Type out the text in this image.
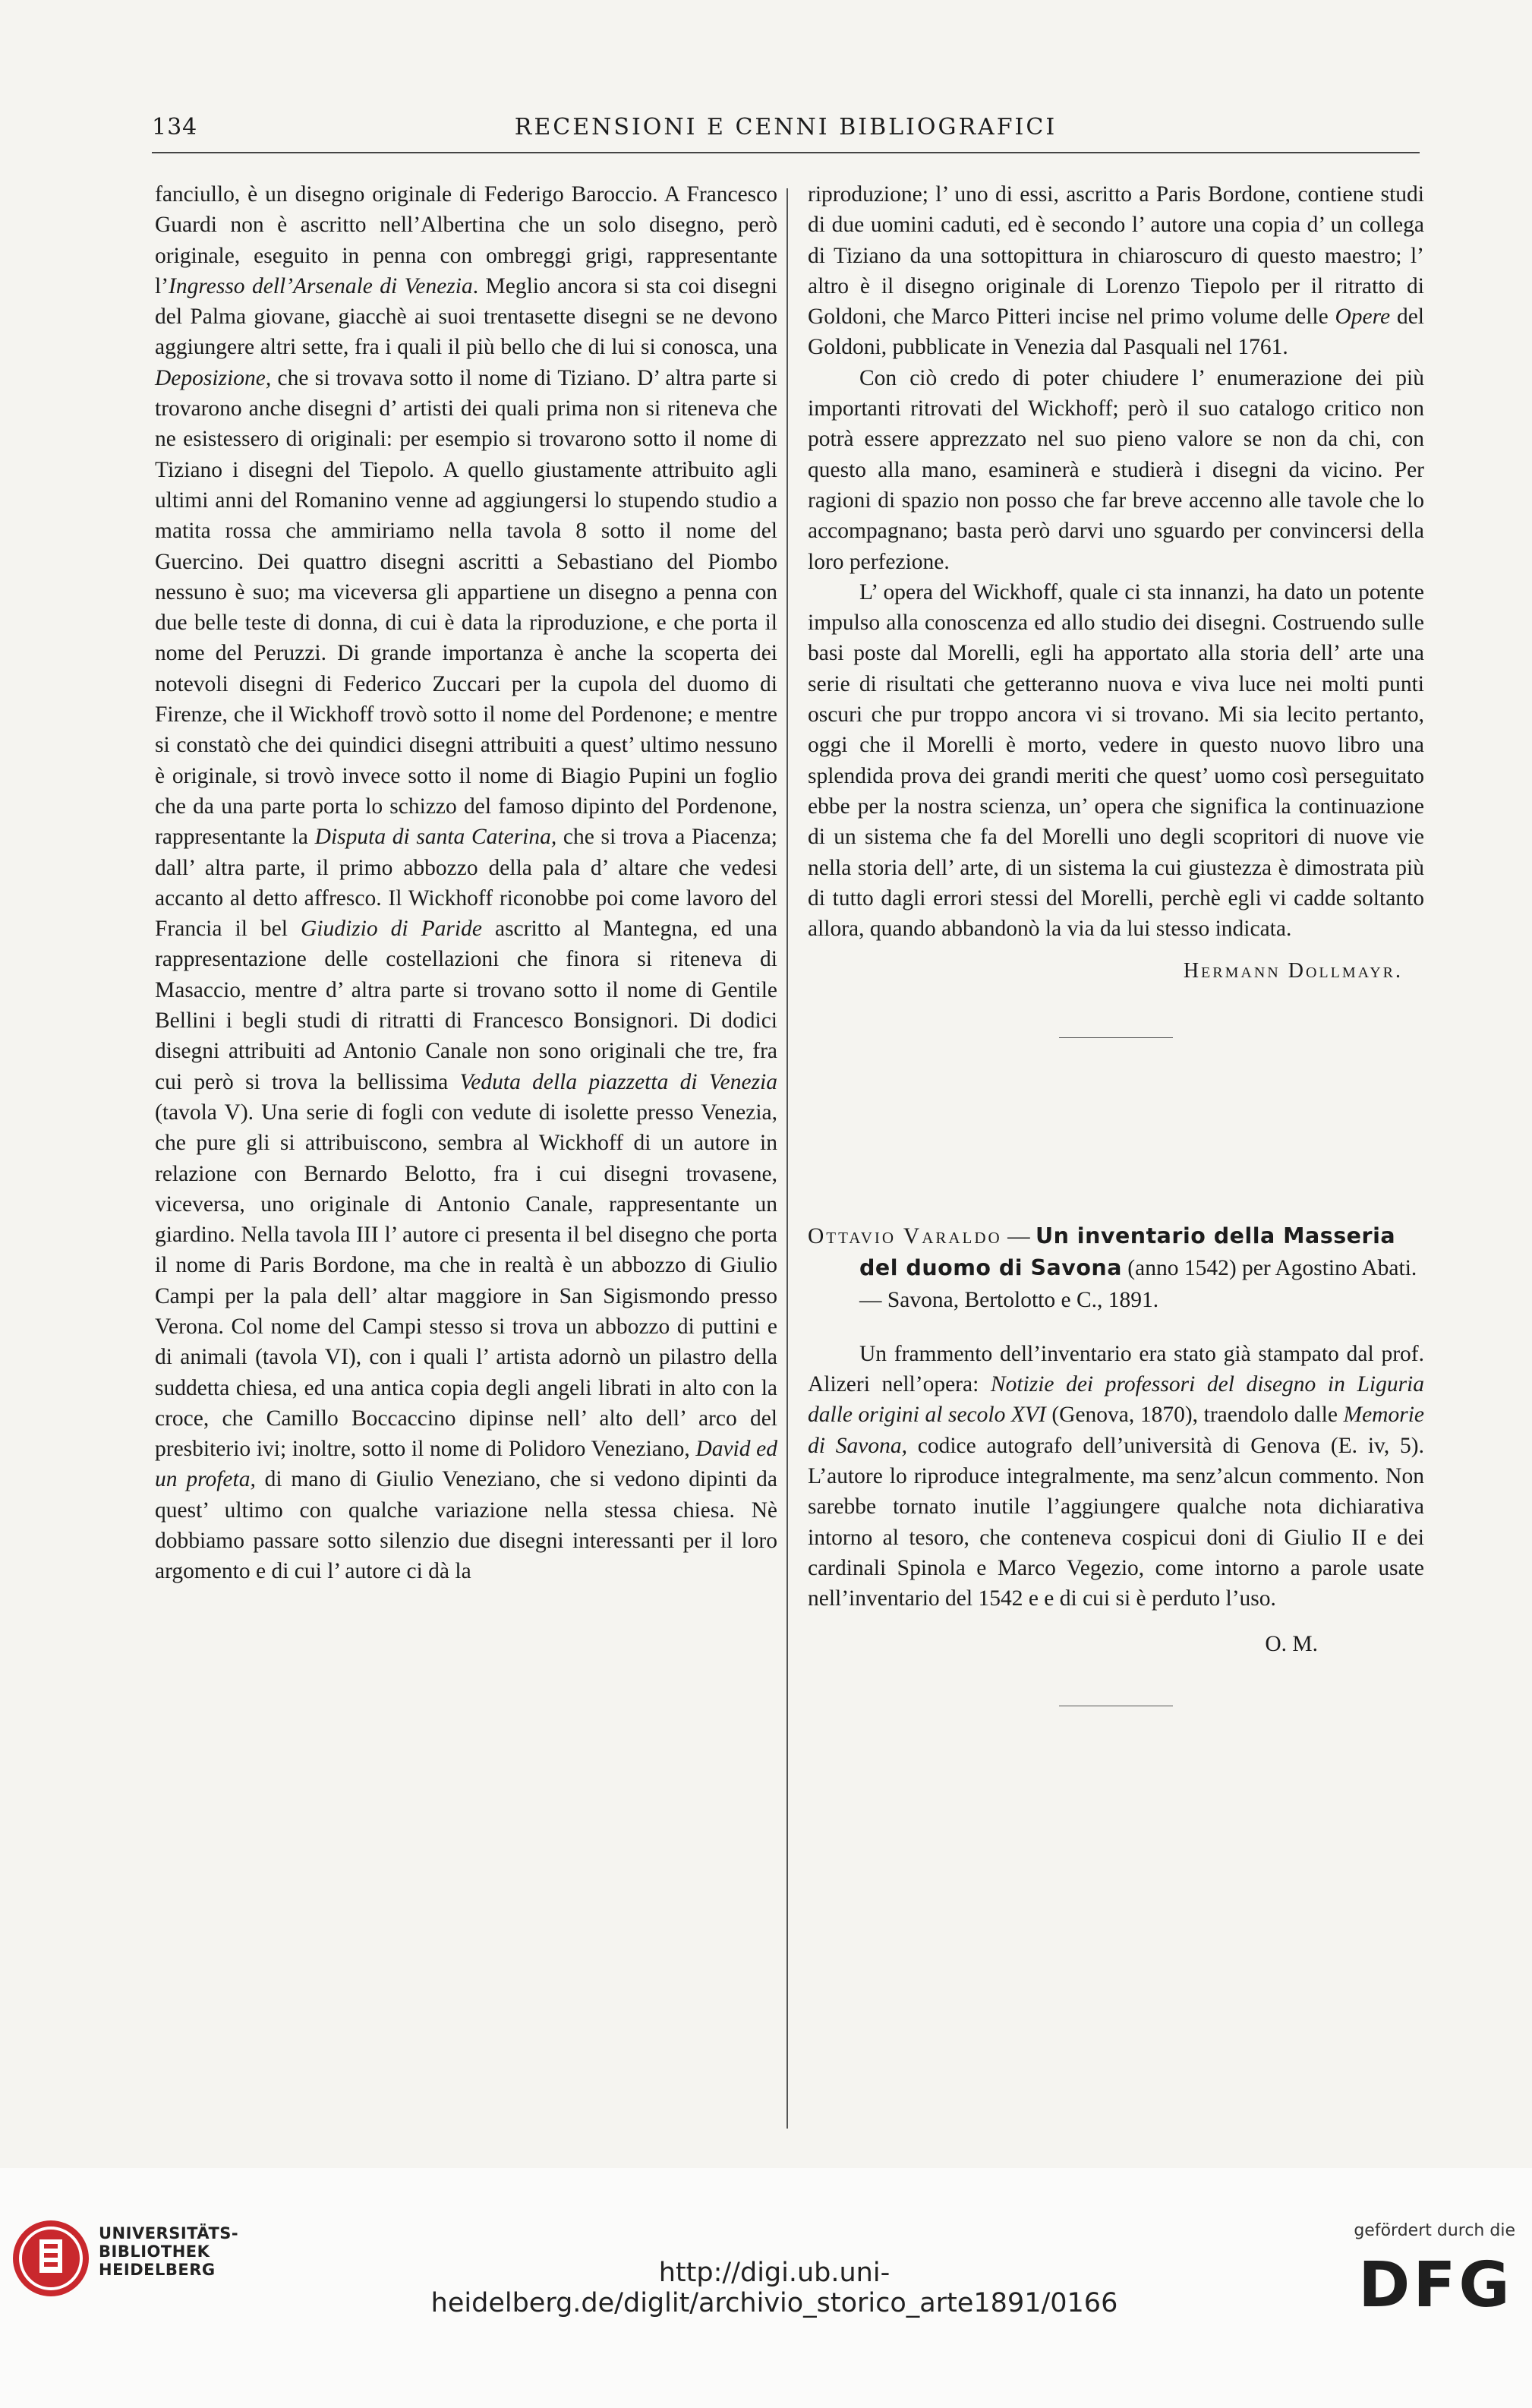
134	RECENSIONI E CENNI BIBLIOGRAFICI

fanciullo, è un disegno originale di Federigo Baroccio. A Francesco Guardi non è ascritto nell’Albertina che un solo disegno, però originale, eseguito in penna con ombreggi grigi, rappresentante l’Ingresso dell’Arsenale di Venezia. Meglio ancora si sta coi disegni del Palma giovane, giacchè ai suoi trentasette disegni se ne devono aggiungere altri sette, fra i quali il più bello che di lui si conosca, una Deposizione, che si trovava sotto il nome di Tiziano. D’ altra parte si trovarono anche disegni d’ artisti dei quali prima non si riteneva che ne esistessero di originali: per esempio si trovarono sotto il nome di Tiziano i disegni del Tiepolo. A quello giustamente attribuito agli ultimi anni del Romanino venne ad aggiungersi lo stupendo studio a matita rossa che ammiriamo nella tavola 8 sotto il nome del Guercino. Dei quattro disegni ascritti a Sebastiano del Piombo nessuno è suo; ma viceversa gli appartiene un disegno a penna con due belle teste di donna, di cui è data la riproduzione, e che porta il nome del Peruzzi. Di grande importanza è anche la scoperta dei notevoli disegni di Federico Zuccari per la cupola del duomo di Firenze, che il Wickhoff trovò sotto il nome del Pordenone; e mentre si constatò che dei quindici disegni attribuiti a quest’ ultimo nessuno è originale, si trovò invece sotto il nome di Biagio Pupini un foglio che da una parte porta lo schizzo del famoso dipinto del Pordenone, rappresentante la Disputa di santa Caterina, che si trova a Piacenza; dall’ altra parte, il primo abbozzo della pala d’ altare che vedesi accanto al detto affresco. Il Wickhoff riconobbe poi come lavoro del Francia il bel Giudizio di Paride ascritto al Mantegna, ed una rappresentazione delle costellazioni che finora si riteneva di Masaccio, mentre d’ altra parte si trovano sotto il nome di Gentile Bellini i begli studi di ritratti di Francesco Bonsignori. Di dodici disegni attribuiti ad Antonio Canale non sono originali che tre, fra cui però si trova la bellissima Veduta della piazzetta di Venezia (tavola V). Una serie di fogli con vedute di isolette presso Venezia, che pure gli si attribuiscono, sembra al Wickhoff di un autore in relazione con Bernardo Belotto, fra i cui disegni trovasene, viceversa, uno originale di Antonio Canale, rappresentante un giardino. Nella tavola III l’ autore ci presenta il bel disegno che porta il nome di Paris Bordone, ma che in realtà è un abbozzo di Giulio Campi per la pala dell’ altar maggiore in San Sigismondo presso Verona. Col nome del Campi stesso si trova un abbozzo di puttini e di animali (tavola VI), con i quali l’ artista adornò un pilastro della suddetta chiesa, ed una antica copia degli angeli librati in alto con la croce, che Camillo Boccaccino dipinse nell’ alto dell’ arco del presbiterio ivi; inoltre, sotto il nome di Polidoro Veneziano, David ed un profeta, di mano di Giulio Veneziano, che si vedono dipinti da quest’ ultimo con qualche variazione nella stessa chiesa. Nè dobbiamo passare sotto silenzio due disegni interessanti per il loro argomento e di cui l’ autore ci dà la

riproduzione; l’ uno di essi, ascritto a Paris Bordone, contiene studi di due uomini caduti, ed è secondo l’ autore una copia d’ un collega di Tiziano da una sottopittura in chiaroscuro di questo maestro; l’ altro è il disegno originale di Lorenzo Tiepolo per il ritratto di Goldoni, che Marco Pitteri incise nel primo volume delle Opere del Goldoni, pubblicate in Venezia dal Pasquali nel 1761.

Con ciò credo di poter chiudere l’ enumerazione dei più importanti ritrovati del Wickhoff; però il suo catalogo critico non potrà essere apprezzato nel suo pieno valore se non da chi, con questo alla mano, esaminerà e studierà i disegni da vicino. Per ragioni di spazio non posso che far breve accenno alle tavole che lo accompagnano; basta però darvi uno sguardo per convincersi della loro perfezione.

L’ opera del Wickhoff, quale ci sta innanzi, ha dato un potente impulso alla conoscenza ed allo studio dei disegni. Costruendo sulle basi poste dal Morelli, egli ha apportato alla storia dell’ arte una serie di risultati che getteranno nuova e viva luce nei molti punti oscuri che pur troppo ancora vi si trovano. Mi sia lecito pertanto, oggi che il Morelli è morto, vedere in questo nuovo libro una splendida prova dei grandi meriti che quest’ uomo così perseguitato ebbe per la nostra scienza, un’ opera che significa la continuazione di un sistema che fa del Morelli uno degli scopritori di nuove vie nella storia dell’ arte, di un sistema la cui giustezza è dimostrata più di tutto dagli errori stessi del Morelli, perchè egli vi cadde soltanto allora, quando abbandonò la via da lui stesso indicata.

Hermann Dollmayr.

Ottavio Varaldo — Un inventario della Masseria del duomo di Savona (anno 1542) per Agostino Abati. — Savona, Bertolotto e C., 1891.

Un frammento dell’inventario era stato già stampato dal prof. Alizeri nell’opera: Notizie dei professori del disegno in Liguria dalle origini al secolo XVI (Genova, 1870), traendolo dalle Memorie di Savona, codice autografo dell’università di Genova (E. iv, 5). L’autore lo riproduce integralmente, ma senz’alcun commento. Non sarebbe tornato inutile l’aggiungere qualche nota dichiarativa intorno al tesoro, che conteneva cospicui doni di Giulio II e dei cardinali Spinola e Marco Vegezio, come intorno a parole usate nell’inventario del 1542 e e di cui si è perduto l’uso.

O. M.

UNIVERSITÄTS-
BIBLIOTHEK
HEIDELBERG	http://digi.ub.uni-heidelberg.de/diglit/archivio_storico_arte1891/0166
gefördert durch die
DFG
